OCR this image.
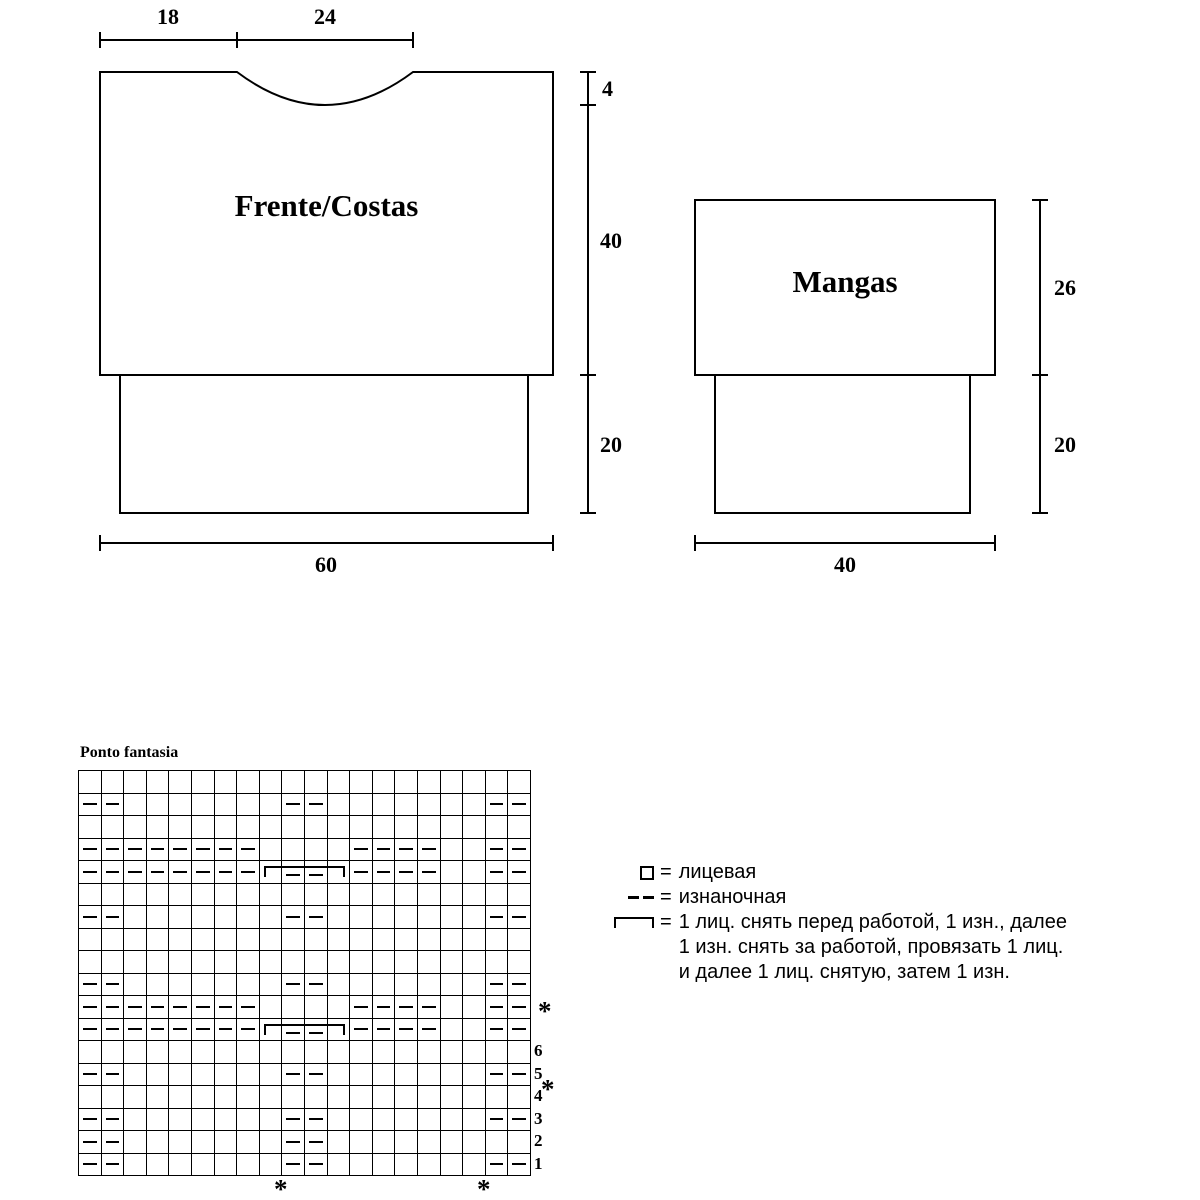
Frente/Costas
Mangas
18	24
4
40
20
60
26
20
40
Ponto fantasia

6
5
4
3
2
1
*
*
*	*
= лицевая
= изнаночная
= 1 лиц. снять перед работой, 1 изн., далее
1 изн. снять за работой, провязать 1 лиц.
и далее 1 лиц. снятую, затем 1 изн.
